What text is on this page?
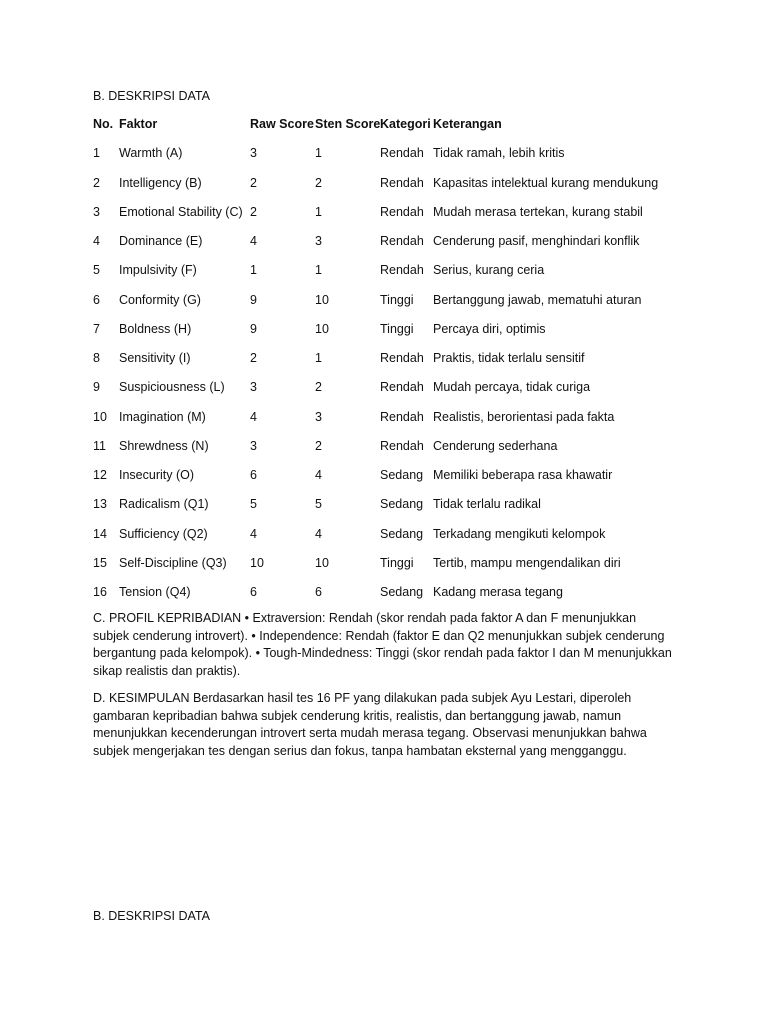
B. DESKRIPSI DATA
No. Faktor	Raw Score Sten Score Kategori Keterangan
1 Warmth (A)	3	1	Rendah Tidak ramah, lebih kritis
2 Intelligency (B)	2	2	Rendah Kapasitas intelektual kurang mendukung
3 Emotional Stability (C) 2	1	Rendah Mudah merasa tertekan, kurang stabil
4 Dominance (E)	4	3	Rendah Cenderung pasif, menghindari konflik
5 Impulsivity (F)	1	1	Rendah Serius, kurang ceria
6 Conformity (G)	9	10	Tinggi Bertanggung jawab, mematuhi aturan
7 Boldness (H)	9	10	Tinggi Percaya diri, optimis
8 Sensitivity (I)	2	1	Rendah Praktis, tidak terlalu sensitif
9 Suspiciousness (L) 3	2	Rendah Mudah percaya, tidak curiga
10 Imagination (M)	4	3	Rendah Realistis, berorientasi pada fakta
11 Shrewdness (N)	3	2	Rendah Cenderung sederhana
12 Insecurity (O)	6	4	Sedang Memiliki beberapa rasa khawatir
13 Radicalism (Q1)	5	5	Sedang Tidak terlalu radikal
14 Sufficiency (Q2)	4	4	Sedang Terkadang mengikuti kelompok
15 Self-Discipline (Q3) 10	10	Tinggi Tertib, mampu mengendalikan diri
16 Tension (Q4)	6	6	Sedang Kadang merasa tegang
C. PROFIL KEPRIBADIAN • Extraversion: Rendah (skor rendah pada faktor A dan F menunjukkan subjek cenderung introvert). • Independence: Rendah (faktor E dan Q2 menunjukkan subjek cenderung bergantung pada kelompok). • Tough-Mindedness: Tinggi (skor rendah pada faktor I dan M menunjukkan sikap realistis dan praktis).
D. KESIMPULAN Berdasarkan hasil tes 16 PF yang dilakukan pada subjek Ayu Lestari, diperoleh gambaran kepribadian bahwa subjek cenderung kritis, realistis, dan bertanggung jawab, namun menunjukkan kecenderungan introvert serta mudah merasa tegang. Observasi menunjukkan bahwa subjek mengerjakan tes dengan serius dan fokus, tanpa hambatan eksternal yang mengganggu.
B. DESKRIPSI DATA
